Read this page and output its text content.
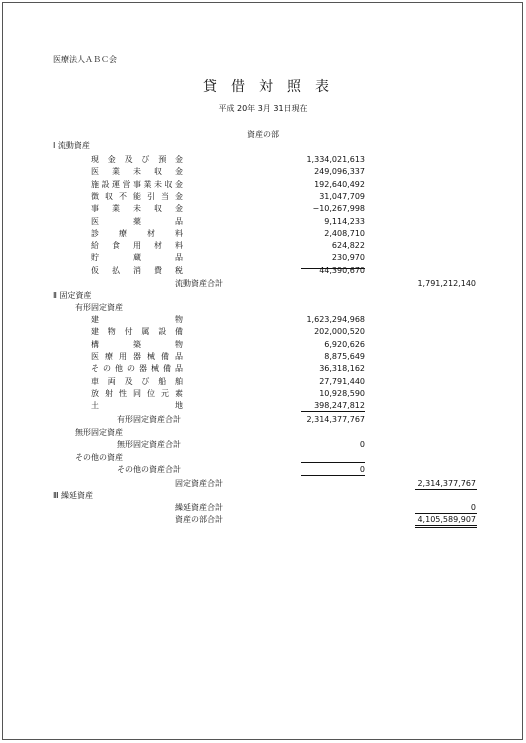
医療法人ＡＢＣ会
貸借対照表
平成 20年 3月 31日現在
資産の部
Ⅰ 流動資産
現金及び預金	1,334,021,613
医業未収金	249,096,337
施設運営事業未収金	192,640,492
徴収不能引当金	31,047,709
事業未収金	−10,267,998
医薬品	9,114,233
診療材料	2,408,710
給食用材料	624,822
貯蔵品	230,970
仮払消費税	44,390,670
流動資産合計	1,791,212,140
Ⅱ 固定資産
有形固定資産
建物	1,623,294,968
建物付属設備	202,000,520
構築物	6,920,626
医療用器械備品	8,875,649
その他の器械備品	36,318,162
車両及び船舶	27,791,440
放射性同位元素	10,928,590
土地	398,247,812
有形固定資産合計	2,314,377,767
無形固定資産
無形固定資産合計	0
その他の資産
その他の資産合計	0
固定資産合計	2,314,377,767
Ⅲ 繰延資産
繰延資産合計	0
資産の部合計	4,105,589,907
